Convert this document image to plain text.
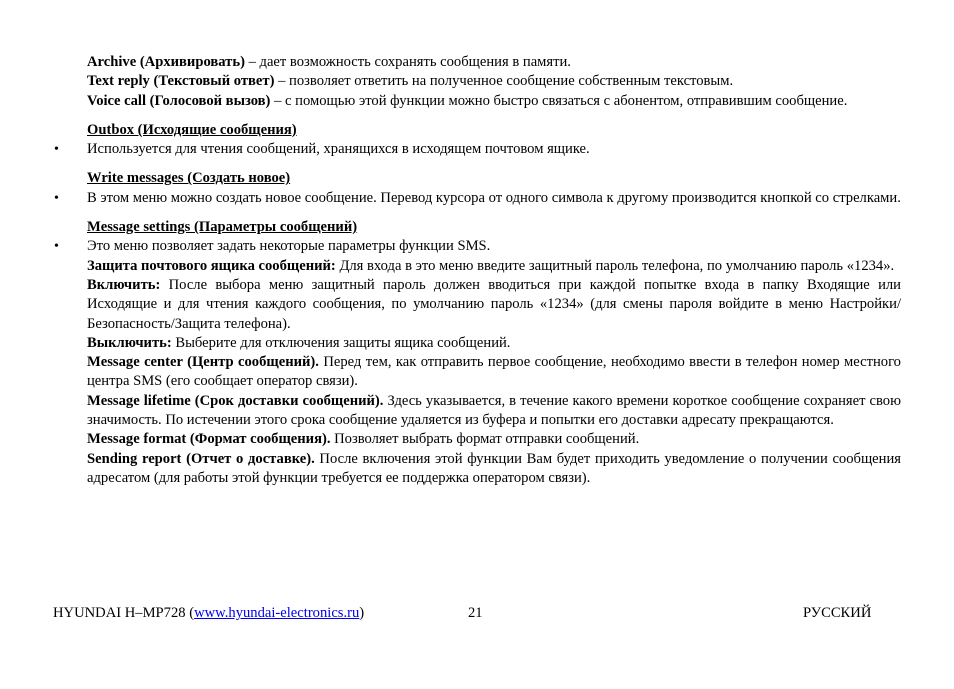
Archive (Архивировать) – дает возможность сохранять сообщения в памяти.

Text reply (Текстовый ответ) – позволяет ответить на полученное сообщение собственным текстовым.

Voice call (Голосовой вызов) – с помощью этой функции можно быстро связаться с абонентом, отправившим сообщение.

Outbox (Исходящие сообщения)

• Используется для чтения сообщений, хранящихся в исходящем почтовом ящике.

Write messages (Создать новое)

• В этом меню можно создать новое сообщение. Перевод курсора от одного символа к другому производится кнопкой со стрелками.

Message settings (Параметры сообщений)

• Это меню позволяет задать некоторые параметры функции SMS.

Защита почтового ящика сообщений: Для входа в это меню введите защитный пароль телефона, по умолчанию пароль «1234».

Включить: После выбора меню защитный пароль должен вводиться при каждой попытке входа в папку Входящие или Исходящие и для чтения каждого сообщения, по умолчанию пароль «1234» (для смены пароля войдите в меню Настройки/Безопасность/Защита телефона).

Выключить: Выберите для отключения защиты ящика сообщений.

Message center (Центр сообщений). Перед тем, как отправить первое сообщение, необходимо ввести в телефон номер местного центра SMS (его сообщает оператор связи).

Message lifetime (Срок доставки сообщений). Здесь указывается, в течение какого времени короткое сообщение сохраняет свою значимость. По истечении этого срока сообщение удаляется из буфера и попытки его доставки адресату прекращаются.

Message format (Формат сообщения). Позволяет выбрать формат отправки сообщений.

Sending report (Отчет о доставке). После включения этой функции Вам будет приходить уведомление о получении сообщения адресатом (для работы этой функции требуется ее поддержка оператором связи).

HYUNDAI H–MP728 (www.hyundai-electronics.ru)	21	РУССКИЙ
